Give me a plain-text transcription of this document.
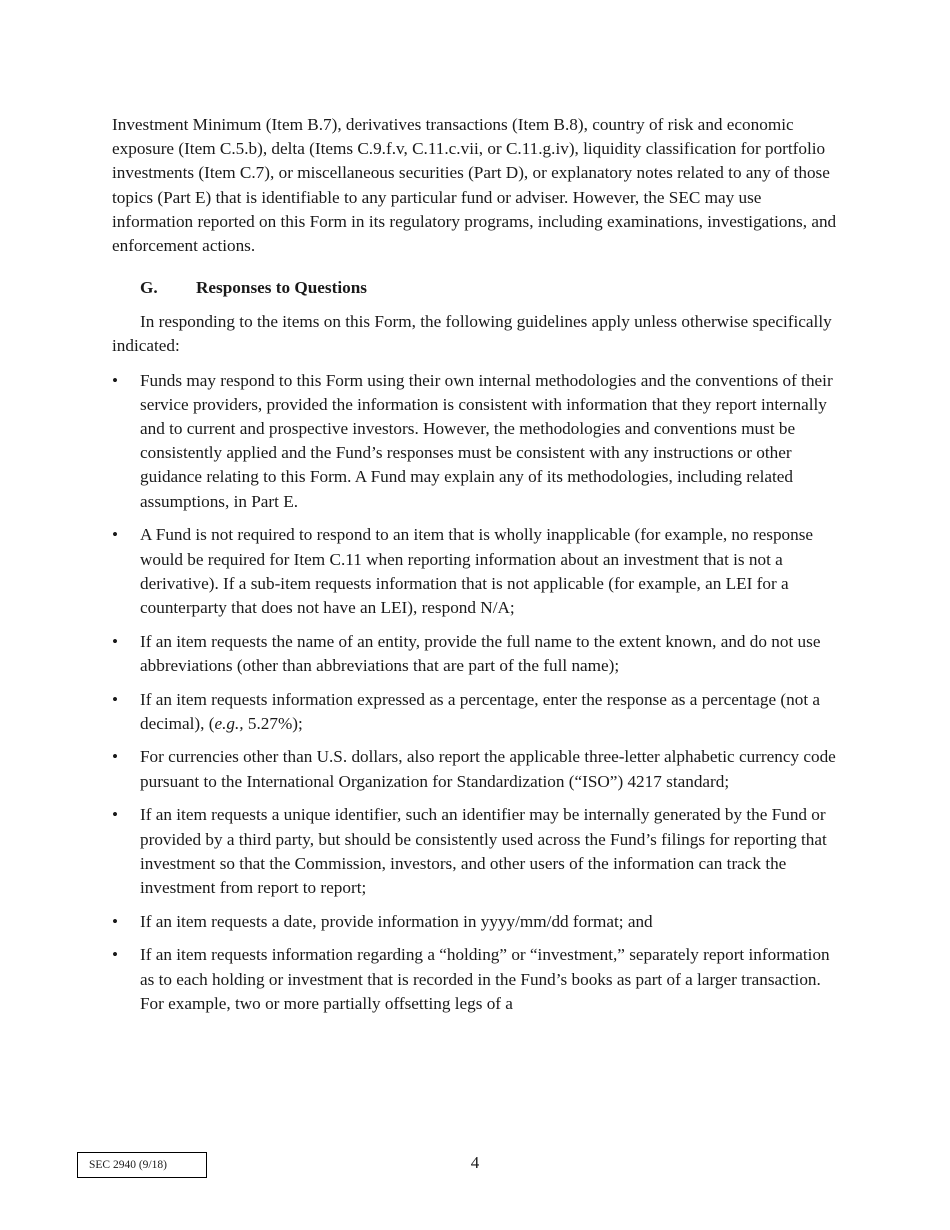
Investment Minimum (Item B.7), derivatives transactions (Item B.8), country of risk and economic exposure (Item C.5.b), delta (Items C.9.f.v, C.11.c.vii, or C.11.g.iv), liquidity classification for portfolio investments (Item C.7), or miscellaneous securities (Part D), or explanatory notes related to any of those topics (Part E) that is identifiable to any particular fund or adviser. However, the SEC may use information reported on this Form in its regulatory programs, including examinations, investigations, and enforcement actions.

G. Responses to Questions

In responding to the items on this Form, the following guidelines apply unless otherwise specifically indicated:

•	Funds may respond to this Form using their own internal methodologies and the conventions of their service providers, provided the information is consistent with information that they report internally and to current and prospective investors. However, the methodologies and conventions must be consistently applied and the Fund’s responses must be consistent with any instructions or other guidance relating to this Form. A Fund may explain any of its methodologies, including related assumptions, in Part E.
•	A Fund is not required to respond to an item that is wholly inapplicable (for example, no response would be required for Item C.11 when reporting information about an investment that is not a derivative). If a sub-item requests information that is not applicable (for example, an LEI for a counterparty that does not have an LEI), respond N/A;
•	If an item requests the name of an entity, provide the full name to the extent known, and do not use abbreviations (other than abbreviations that are part of the full name);
•	If an item requests information expressed as a percentage, enter the response as a percentage (not a decimal), (e.g., 5.27%);
•	For currencies other than U.S. dollars, also report the applicable three-letter alphabetic currency code pursuant to the International Organization for Standardization (“ISO”) 4217 standard;
•	If an item requests a unique identifier, such an identifier may be internally generated by the Fund or provided by a third party, but should be consistently used across the Fund’s filings for reporting that investment so that the Commission, investors, and other users of the information can track the investment from report to report;
•	If an item requests a date, provide information in yyyy/mm/dd format; and
•	If an item requests information regarding a “holding” or “investment,” separately report information as to each holding or investment that is recorded in the Fund’s books as part of a larger transaction. For example, two or more partially offsetting legs of a
SEC 2940 (9/18)	4
